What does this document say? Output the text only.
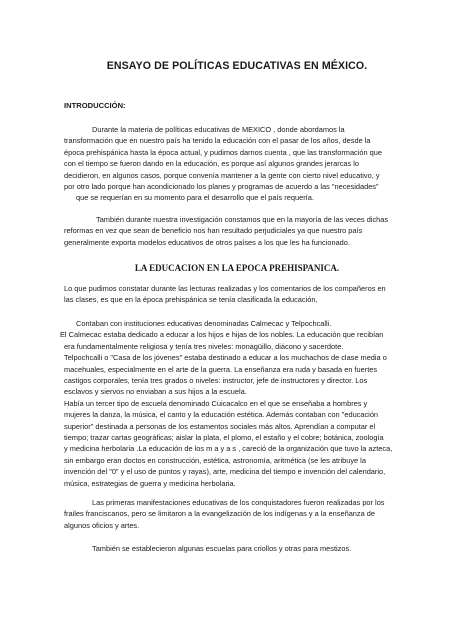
ENSAYO DE POLÍTICAS EDUCATIVAS EN MÉXICO.
INTRODUCCIÓN:
Durante la materia de políticas educativas de MEXICO , donde abordamos la
transformación que en nuestro país ha tenido la educación con el pasar de los años, desde la
época prehispánica hasta la época actual, y pudimos darnos cuenta , que las transformación que
con el tiempo se fueron dando en la educación, es porque así algunos grandes jerarcas lo
decidieron, en algunos casos, porque convenía mantener a la gente con cierto nivel educativo, y
por otro lado porque han acondicionado los planes y programas de acuerdo a las "necesidades"
que se requerían en su momento para el desarrollo que el país requería.
También durante nuestra investigación constamos que en la mayoría de las veces dichas
reformas en vez que sean de beneficio nos han resultado perjudiciales ya que nuestro país
generalmente exporta modelos educativos de otros países a los que les ha funcionado.
LA EDUCACION EN LA EPOCA PREHISPANICA.
Lo que pudimos constatar durante las lecturas realizadas y los comentarios de los compañeros en
las clases, es que en la época prehispánica se tenía clasificada la educación,
Contaban con instituciones educativas denominadas Calmecac y Telpochcalli.
El Calmecac estaba dedicado a educar a los hijos e hijas de los nobles. La educación que recibían
era fundamentalmente religiosa y tenía tres niveles: monagüillo, diácono y sacerdote.
Telpochcalli o "Casa de los jóvenes" estaba destinado a educar a los muchachos de clase media o
macehuales, especialmente en el arte de la guerra. La enseñanza era ruda y basada en fuertes
castigos corporales, tenía tres grados o niveles: instructor, jefe de instructores y director. Los
esclavos y siervos no enviaban a sus hijos a la escuela.
Había un tercer tipo de escuela denominado Cuicacalco en el que se enseñaba a hombres y
mujeres la danza, la música, el canto y la educación estética. Además contaban con "educación
superior" destinada a personas de los estamentos sociales más altos. Aprendían a computar el
tiempo; trazar cartas geográficas; aislar la plata, el plomo, el estaño y el cobre; botánica, zoología
y medicina herbolaria .La educación de los m a y a s , careció de la organización que tuvo la azteca,
sin embargo eran doctos en construcción, estética, astronomía, aritmética (se les atribuye la
invención del "0" y el uso de puntos y rayas), arte, medicina del tiempo e invención del calendario,
música, estrategias de guerra y medicina herbolaria.
Las primeras manifestaciones educativas de los conquistadores fueron realizadas por los
frailes franciscanos, pero se limitaron a la evangelización de los indígenas y a la enseñanza de
algunos oficios y artes.
También se establecieron algunas escuelas para criollos y otras para mestizos.
